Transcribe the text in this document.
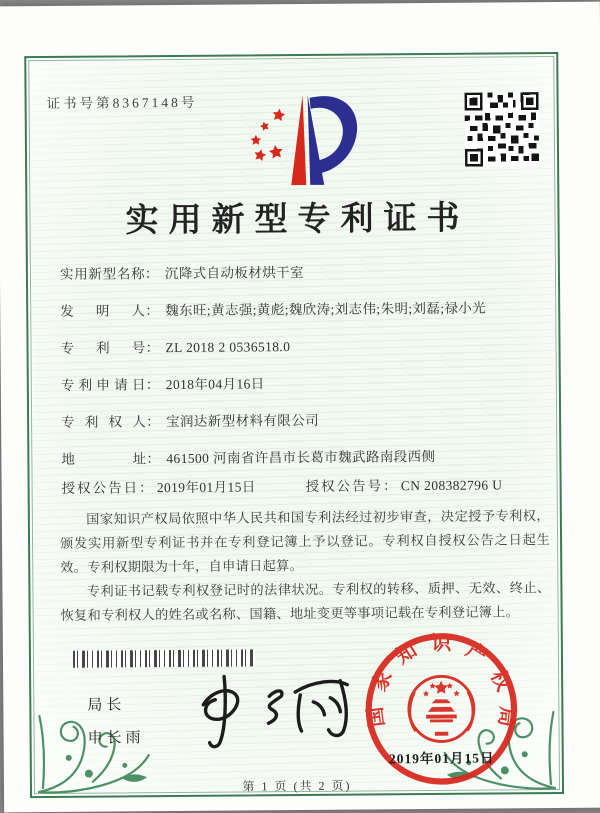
证书号第8367148号
实用新型专利证书
实用新型名称 ： 沉降式自动板材烘干室
发明人 ： 魏东旺;黄志强;黄彪;魏欣涛;刘志伟;朱明;刘磊;禄小光
专利号 ： ZL 2018 2 0536518.0
专利申请日 ： 2018年04月16日
专利权人 ： 宝润达新型材料有限公司
地址 ： 461500 河南省许昌市长葛市魏武路南段西侧
授权公告日： 2019年01月15日	授权公告号： CN 208382796 U

国家知识产权局依照中华人民共和国专利法经过初步审查，决定授予专利权，颁发实用新型专利证书并在专利登记簿上予以登记。专利权自授权公告之日起生效。专利权期限为十年，自申请日起算。

专利证书记载专利权登记时的法律状况。专利权的转移、质押、无效、终止、恢复和专利权人的姓名或名称、国籍、地址变更等事项记载在专利登记簿上。

局长
申长雨
国家知识产权局
2019年01月15日
第 1 页 (共 2 页)
